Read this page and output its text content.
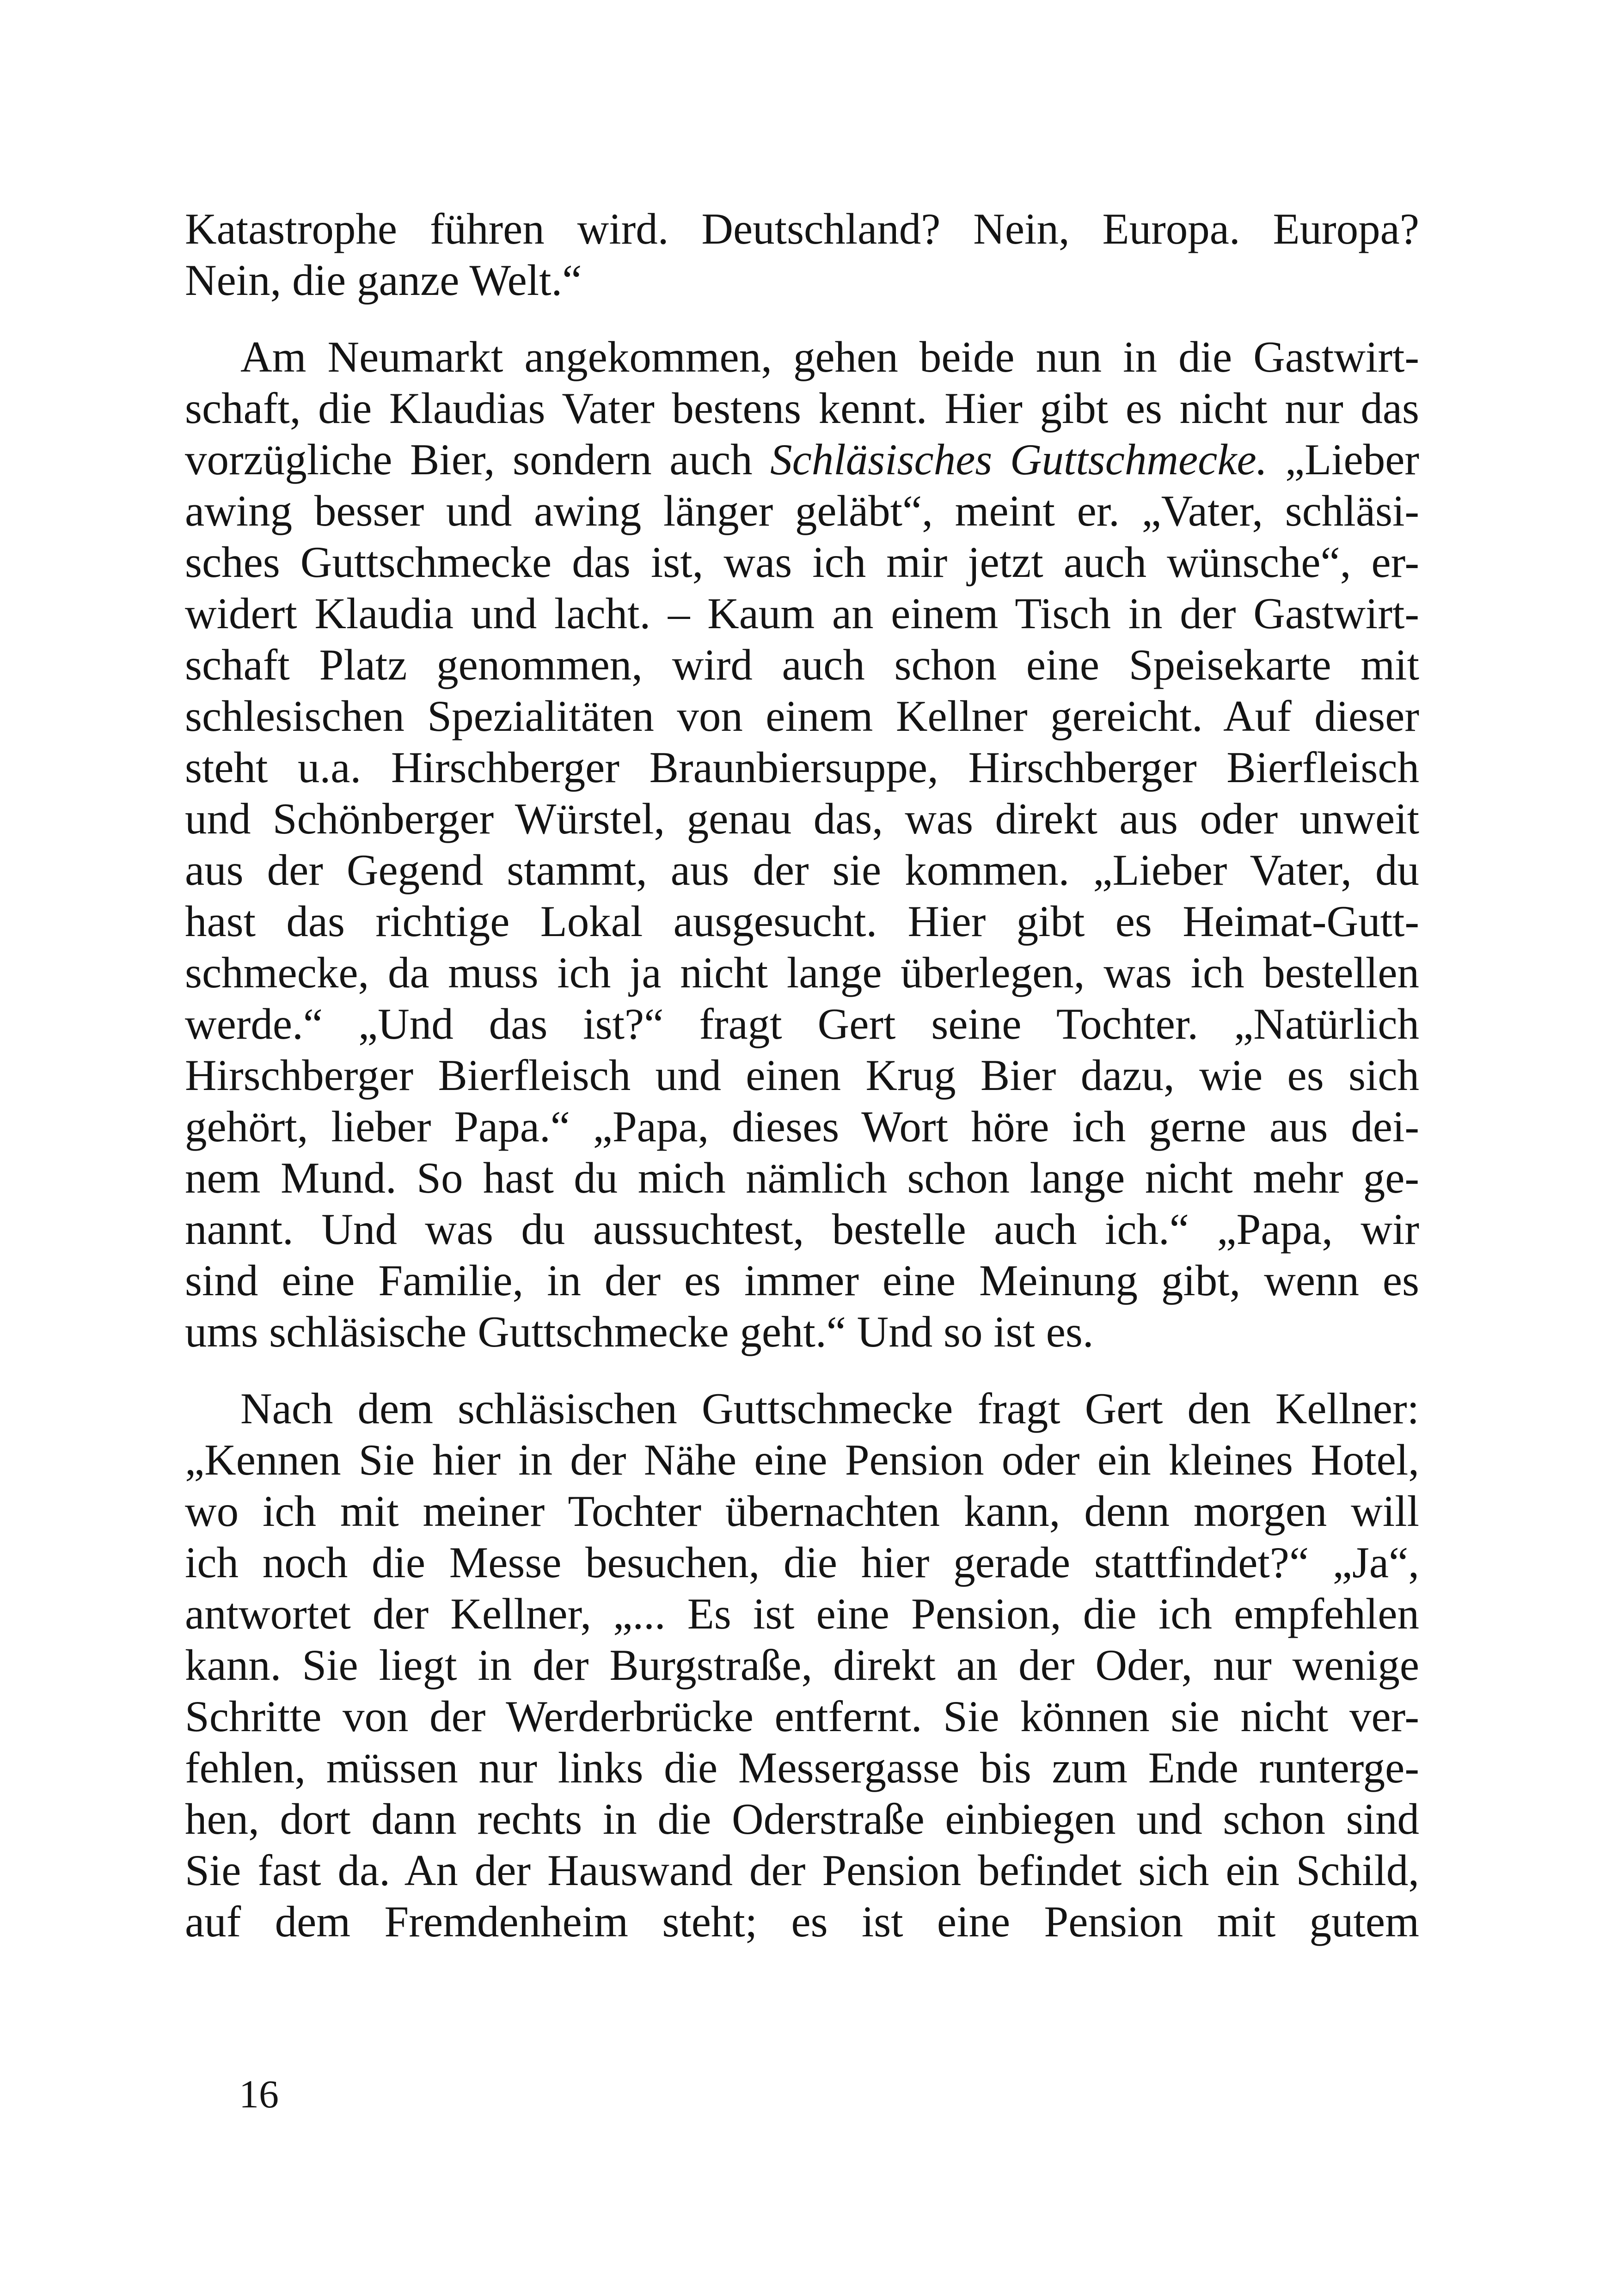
Katastrophe führen wird. Deutschland? Nein, Europa. Europa?
Nein, die ganze Welt.“
Am Neumarkt angekommen, gehen beide nun in die Gastwirt-
schaft, die Klaudias Vater bestens kennt. Hier gibt es nicht nur das
vorzügliche Bier, sondern auch Schläsisches Guttschmecke. „Lieber
awing besser und awing länger geläbt“, meint er. „Vater, schläsi-
sches Guttschmecke das ist, was ich mir jetzt auch wünsche“, er-
widert Klaudia und lacht. – Kaum an einem Tisch in der Gastwirt-
schaft Platz genommen, wird auch schon eine Speisekarte mit
schlesischen Spezialitäten von einem Kellner gereicht. Auf dieser
steht u.a. Hirschberger Braunbiersuppe, Hirschberger Bierfleisch
und Schönberger Würstel, genau das, was direkt aus oder unweit
aus der Gegend stammt, aus der sie kommen. „Lieber Vater, du
hast das richtige Lokal ausgesucht. Hier gibt es Heimat-Gutt-
schmecke, da muss ich ja nicht lange überlegen, was ich bestellen
werde.“ „Und das ist?“ fragt Gert seine Tochter. „Natürlich
Hirschberger Bierfleisch und einen Krug Bier dazu, wie es sich
gehört, lieber Papa.“ „Papa, dieses Wort höre ich gerne aus dei-
nem Mund. So hast du mich nämlich schon lange nicht mehr ge-
nannt. Und was du aussuchtest, bestelle auch ich.“ „Papa, wir
sind eine Familie, in der es immer eine Meinung gibt, wenn es
ums schläsische Guttschmecke geht.“ Und so ist es.
Nach dem schläsischen Guttschmecke fragt Gert den Kellner:
„Kennen Sie hier in der Nähe eine Pension oder ein kleines Hotel,
wo ich mit meiner Tochter übernachten kann, denn morgen will
ich noch die Messe besuchen, die hier gerade stattfindet?“ „Ja“,
antwortet der Kellner, „... Es ist eine Pension, die ich empfehlen
kann. Sie liegt in der Burgstraße, direkt an der Oder, nur wenige
Schritte von der Werderbrücke entfernt. Sie können sie nicht ver-
fehlen, müssen nur links die Messergasse bis zum Ende runterge-
hen, dort dann rechts in die Oderstraße einbiegen und schon sind
Sie fast da. An der Hauswand der Pension befindet sich ein Schild,
auf dem Fremdenheim steht; es ist eine Pension mit gutem
16
